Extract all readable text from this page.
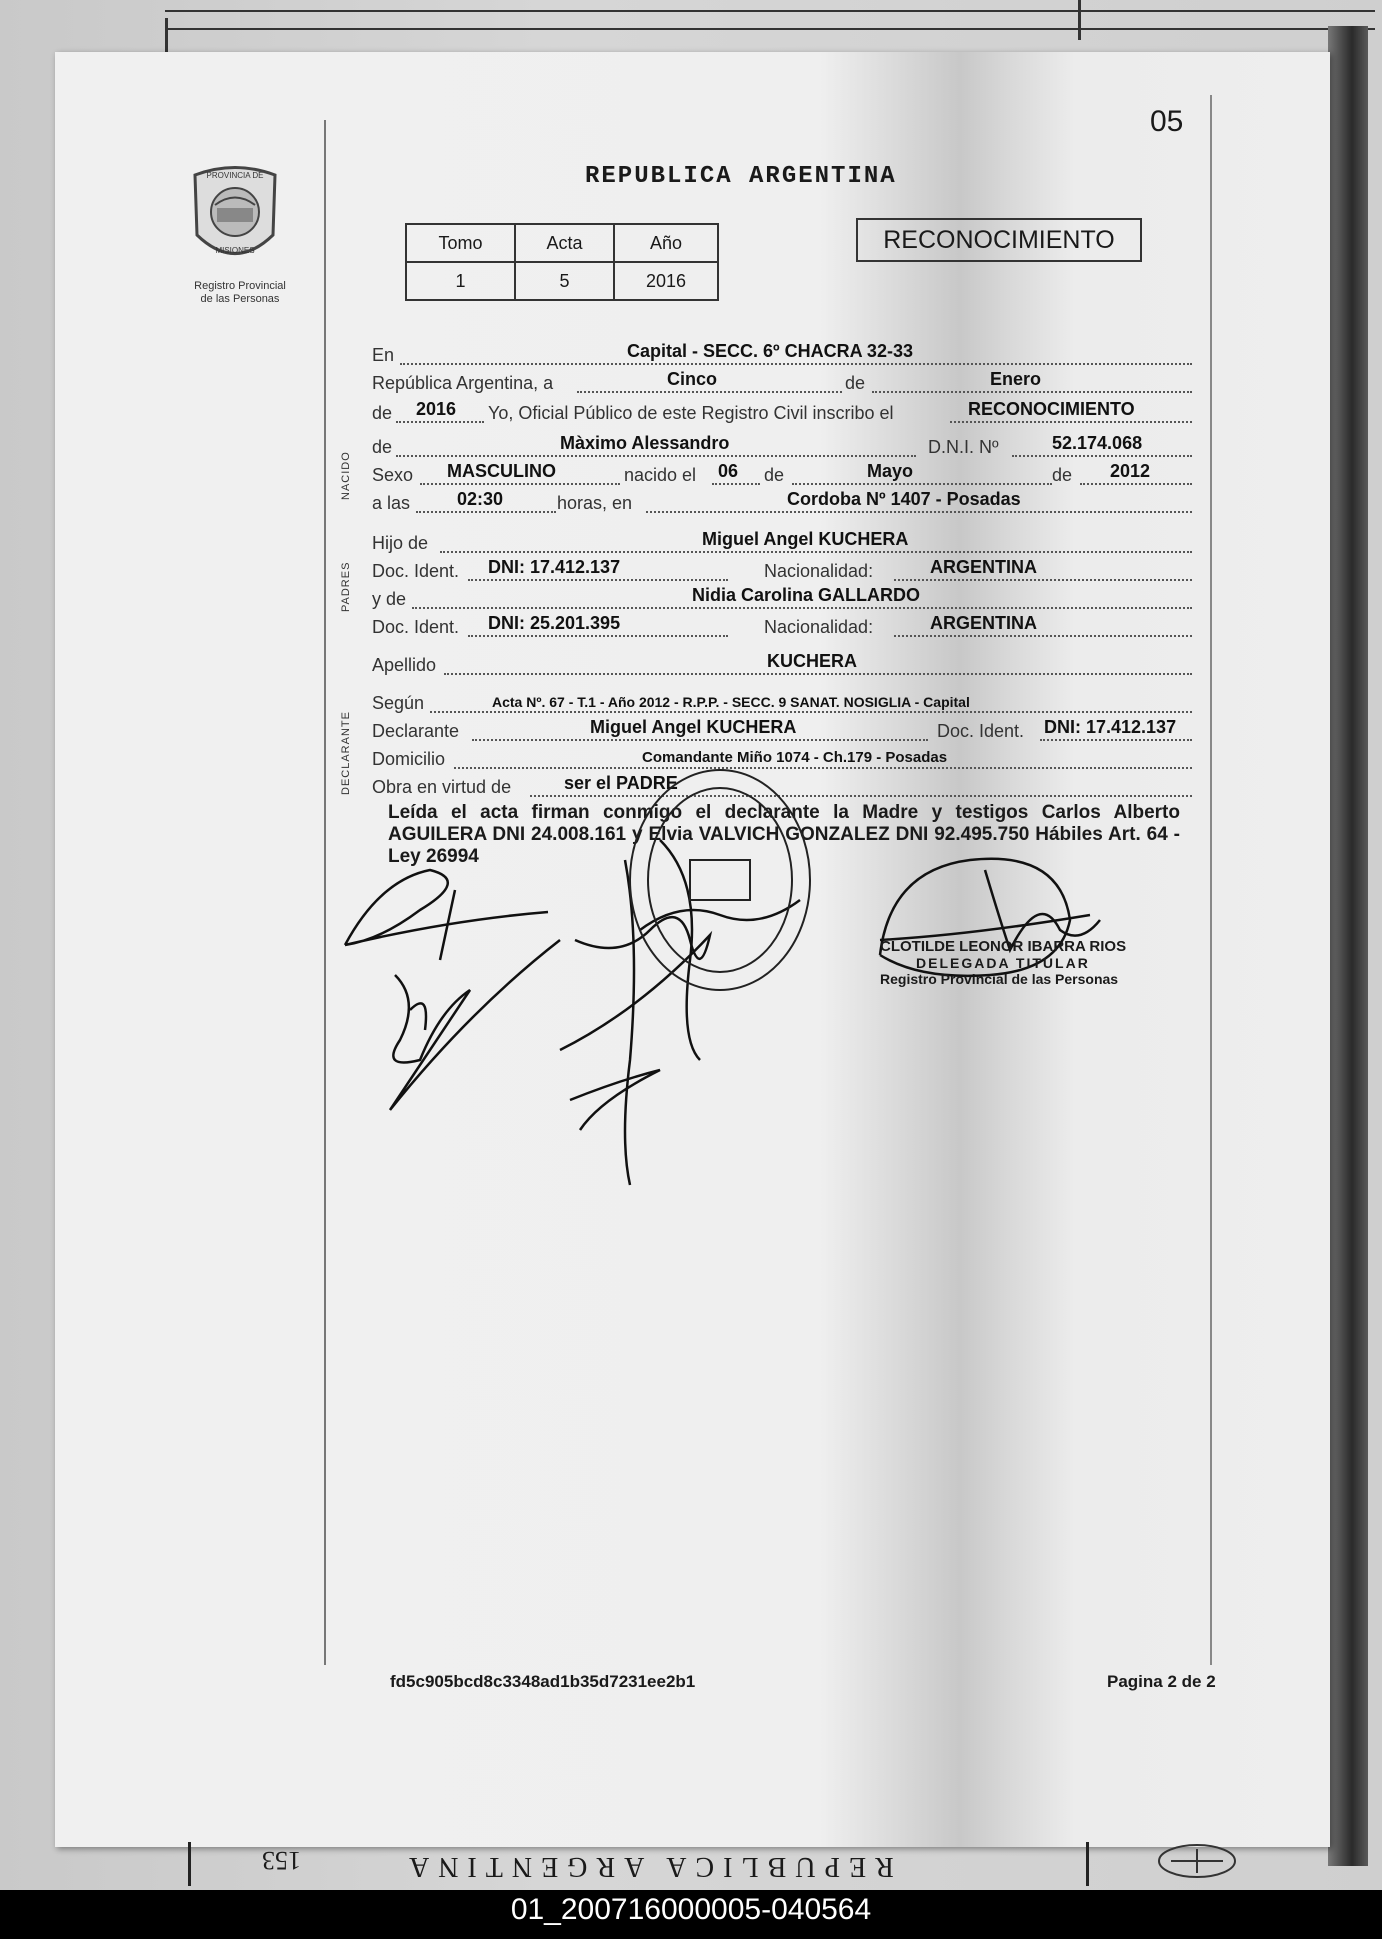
05
REPUBLICA ARGENTINA
PROVINCIA DE
MISIONES
Registro Provincial
de las Personas
Tomo	Acta	Año
1	5	2016
RECONOCIMIENTO
NACIDO
PADRES
DECLARANTE
En	Capital - SECC. 6º CHACRA 32-33
República Argentina, a	Cinco	de	Enero
de 2016 Yo, Oficial Público de este Registro Civil inscribo el	RECONOCIMIENTO
de	Màximo Alessandro	D.N.I. Nº	52.174.068
Sexo MASCULINO	nacido el 06 de	Mayo	de 2012
a las	02:30	horas, en	Cordoba Nº 1407 - Posadas
Hijo de	Miguel Angel KUCHERA
Doc. Ident. DNI: 17.412.137	Nacionalidad:	ARGENTINA
y de	Nidia Carolina GALLARDO
Doc. Ident. DNI: 25.201.395	Nacionalidad:	ARGENTINA
Apellido	KUCHERA
Según	Acta Nº. 67 - T.1 - Año 2012 - R.P.P. - SECC. 9 SANAT. NOSIGLIA - Capital
Declarante	Miguel Angel KUCHERA	Doc. Ident. DNI: 17.412.137
Domicilio	Comandante Miño 1074 - Ch.179 - Posadas
Obra en virtud de	ser el PADRE
Leída el acta firman conmigo el declarante la Madre y testigos Carlos Alberto AGUILERA DNI 24.008.161 y Elvia VALVICH GONZALEZ DNI 92.495.750 Hábiles Art. 64 - Ley 26994
CLOTILDE LEONOR IBARRA RIOS
DELEGADA TITULAR
Registro Provincial de las Personas
fd5c905bcd8c3348ad1b35d7231ee2b1	Pagina 2 de 2
REPUBLICA ARGENTINA
153
01_200716000005-040564
